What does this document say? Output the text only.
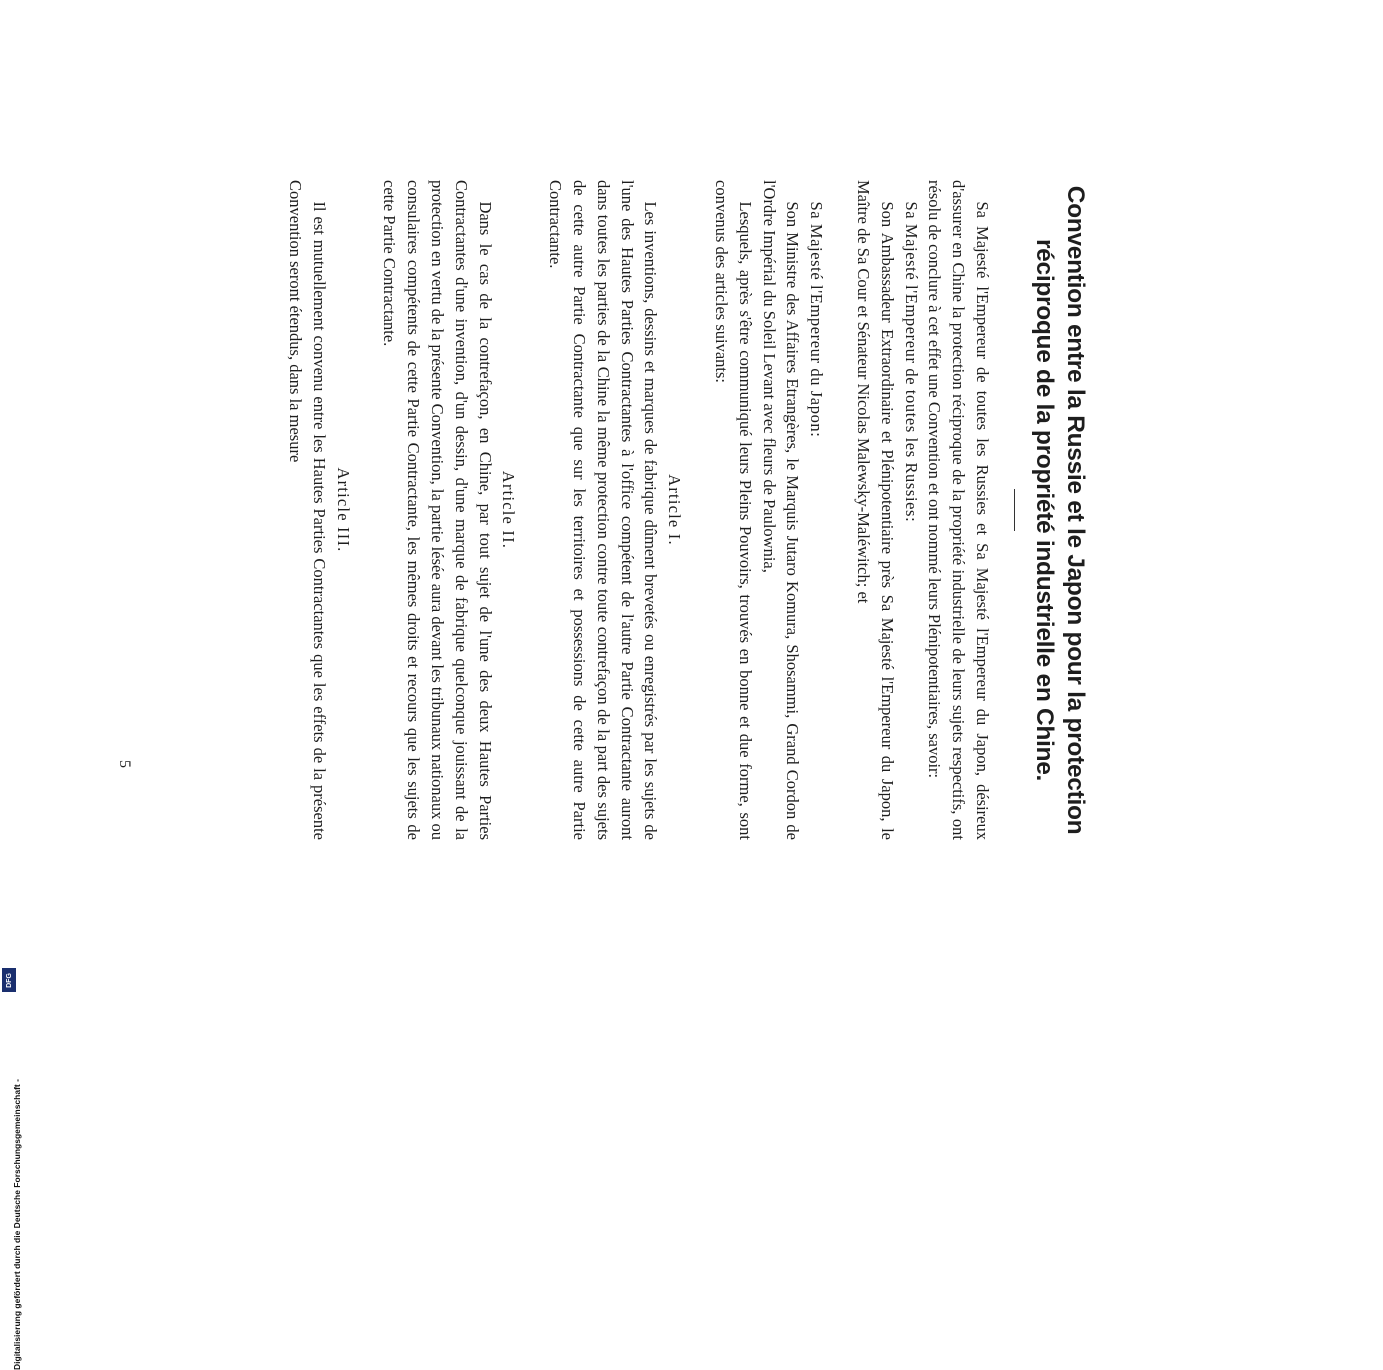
Convention entre la Russie et le Japon pour la protection réciproque de la propriété industrielle en Chine.

Sa Majesté l'Empereur de toutes les Russies et Sa Majesté l'Empereur du Japon, désireux d'assurer en Chine la protection réciproque de la propriété industrielle de leurs sujets respectifs, ont résolu de conclure à cet effet une Convention et ont nommé leurs Plénipotentiaires, savoir:

Sa Majesté l'Empereur de toutes les Russies:

Son Ambassadeur Extraordinaire et Plénipotentiaire près Sa Majesté l'Empereur du Japon, le Maître de Sa Cour et Sénateur Nicolas Malewsky-Maléwitch; et

Sa Majesté l'Empereur du Japon:

Son Ministre des Affaires Etrangères, le Marquis Jutaro Komura, Shosammi, Grand Cordon de l'Ordre Impérial du Soleil Levant avec fleurs de Paulownia,

Lesquels, après s'être communiqué leurs Pleins Pouvoirs, trouvés en bonne et due forme, sont convenus des articles suivants:

Article I.

Les inventions, dessins et marques de fabrique dûment brevetés ou enregistrés par les sujets de l'une des Hautes Parties Contractantes à l'office compétent de l'autre Partie Contractante auront dans toutes les parties de la Chine la même protection contre toute contrefaçon de la part des sujets de cette autre Partie Contractante que sur les territoires et possessions de cette autre Partie Contractante.

Article II.

Dans le cas de la contrefaçon, en Chine, par tout sujet de l'une des deux Hautes Parties Contractantes d'une invention, d'un dessin, d'une marque de fabrique quelconque jouissant de la protection en vertu de la présente Convention, la partie lésée aura devant les tribunaux nationaux ou consulaires compétents de cette Partie Contractante, les mêmes droits et recours que les sujets de cette Partie Contractante.

Article III.

Il est mutuellement convenu entre les Hautes Parties Contractantes que les effets de la présente Convention seront étendus, dans la mesure

5
Digitalisierung gefördert durch die Deutsche Forschungsgemeinschaft -
DFG
